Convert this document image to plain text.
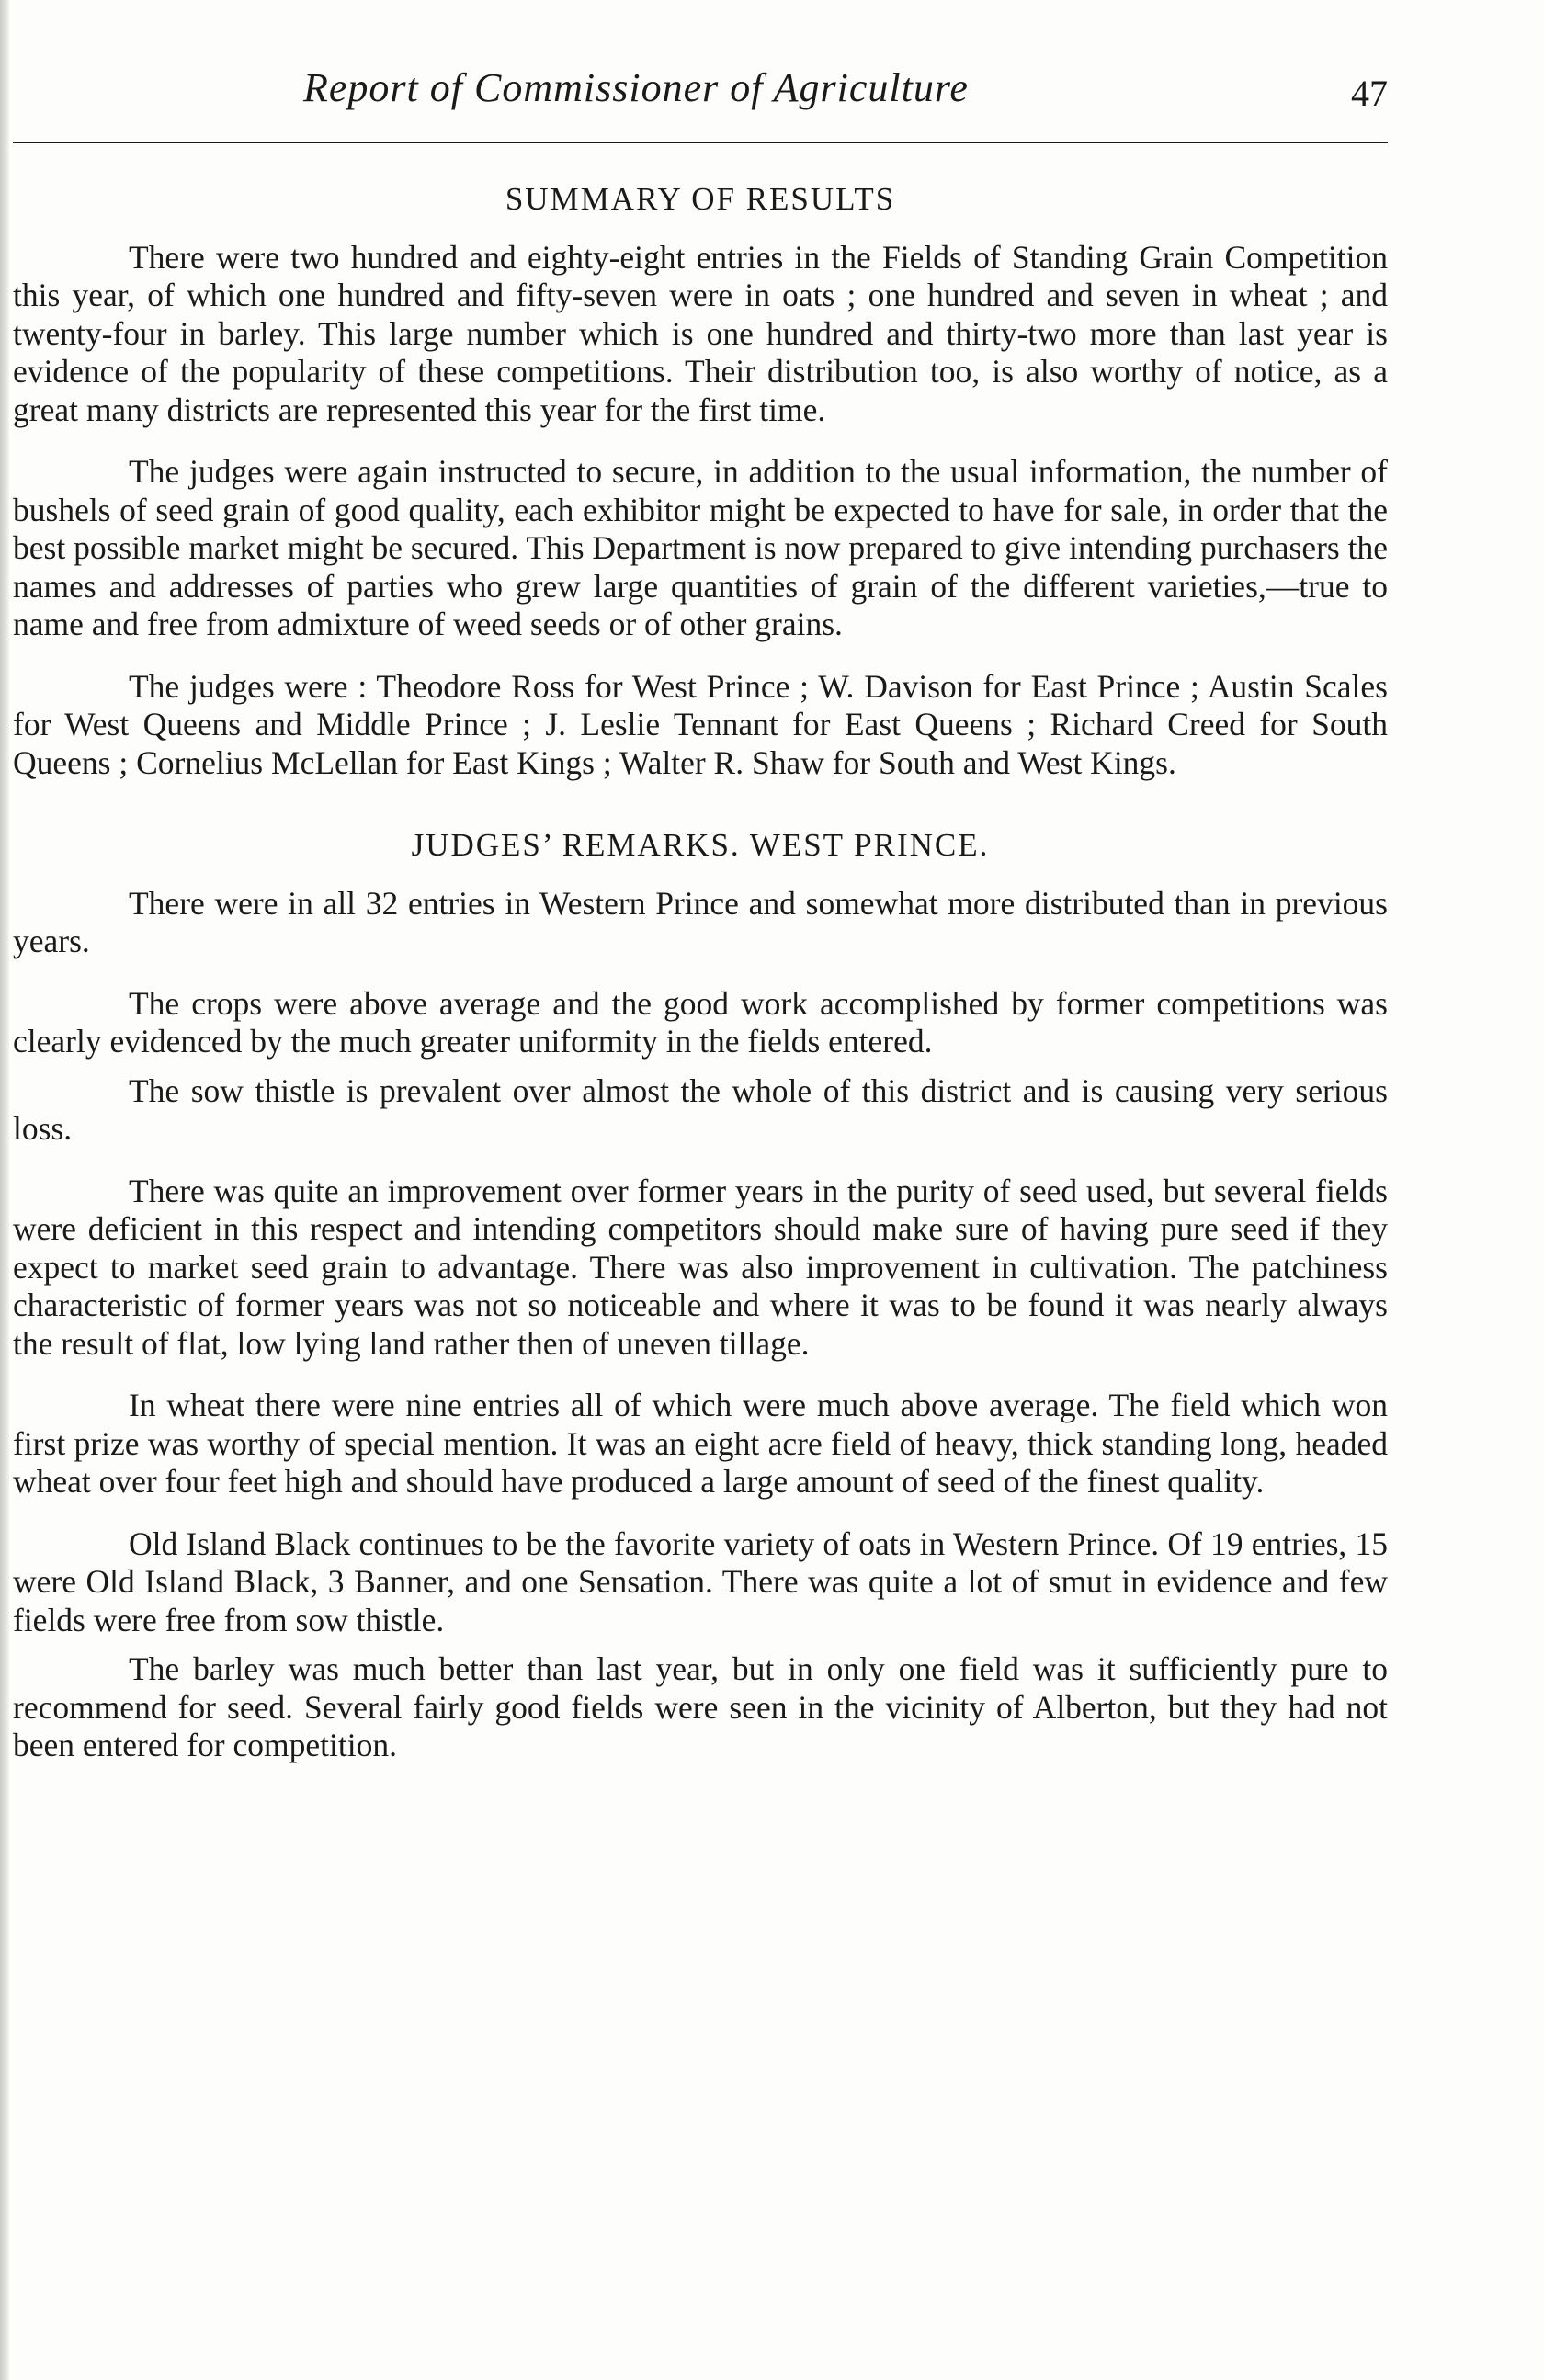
Report of Commissioner of Agriculture	47
SUMMARY OF RESULTS

There were two hundred and eighty-eight entries in the Fields of Standing Grain Competition this year, of which one hundred and fifty-seven were in oats ; one hundred and seven in wheat ; and twenty-four in barley. This large number which is one hundred and thirty-two more than last year is evidence of the popularity of these competitions. Their distribution too, is also worthy of notice, as a great many districts are represented this year for the first time.

The judges were again instructed to secure, in addition to the usual information, the number of bushels of seed grain of good quality, each exhibitor might be expected to have for sale, in order that the best possible market might be secured. This Department is now prepared to give intending purchasers the names and addresses of parties who grew large quantities of grain of the different varieties,—true to name and free from admixture of weed seeds or of other grains.

The judges were : Theodore Ross for West Prince ; W. Davison for East Prince ; Austin Scales for West Queens and Middle Prince ; J. Leslie Tennant for East Queens ; Richard Creed for South Queens ; Cornelius McLellan for East Kings ; Walter R. Shaw for South and West Kings.

JUDGES’ REMARKS. WEST PRINCE.

There were in all 32 entries in Western Prince and somewhat more distributed than in previous years.

The crops were above average and the good work accomplished by former competitions was clearly evidenced by the much greater uniformity in the fields entered.

The sow thistle is prevalent over almost the whole of this district and is causing very serious loss.

There was quite an improvement over former years in the purity of seed used, but several fields were deficient in this respect and intending competitors should make sure of having pure seed if they expect to market seed grain to advantage. There was also improvement in cultivation. The patchiness characteristic of former years was not so noticeable and where it was to be found it was nearly always the result of flat, low lying land rather then of uneven tillage.

In wheat there were nine entries all of which were much above average. The field which won first prize was worthy of special mention. It was an eight acre field of heavy, thick standing long, headed wheat over four feet high and should have produced a large amount of seed of the finest quality.

Old Island Black continues to be the favorite variety of oats in Western Prince. Of 19 entries, 15 were Old Island Black, 3 Banner, and one Sensation. There was quite a lot of smut in evidence and few fields were free from sow thistle.

The barley was much better than last year, but in only one field was it sufficiently pure to recommend for seed. Several fairly good fields were seen in the vicinity of Alberton, but they had not been entered for competition.
